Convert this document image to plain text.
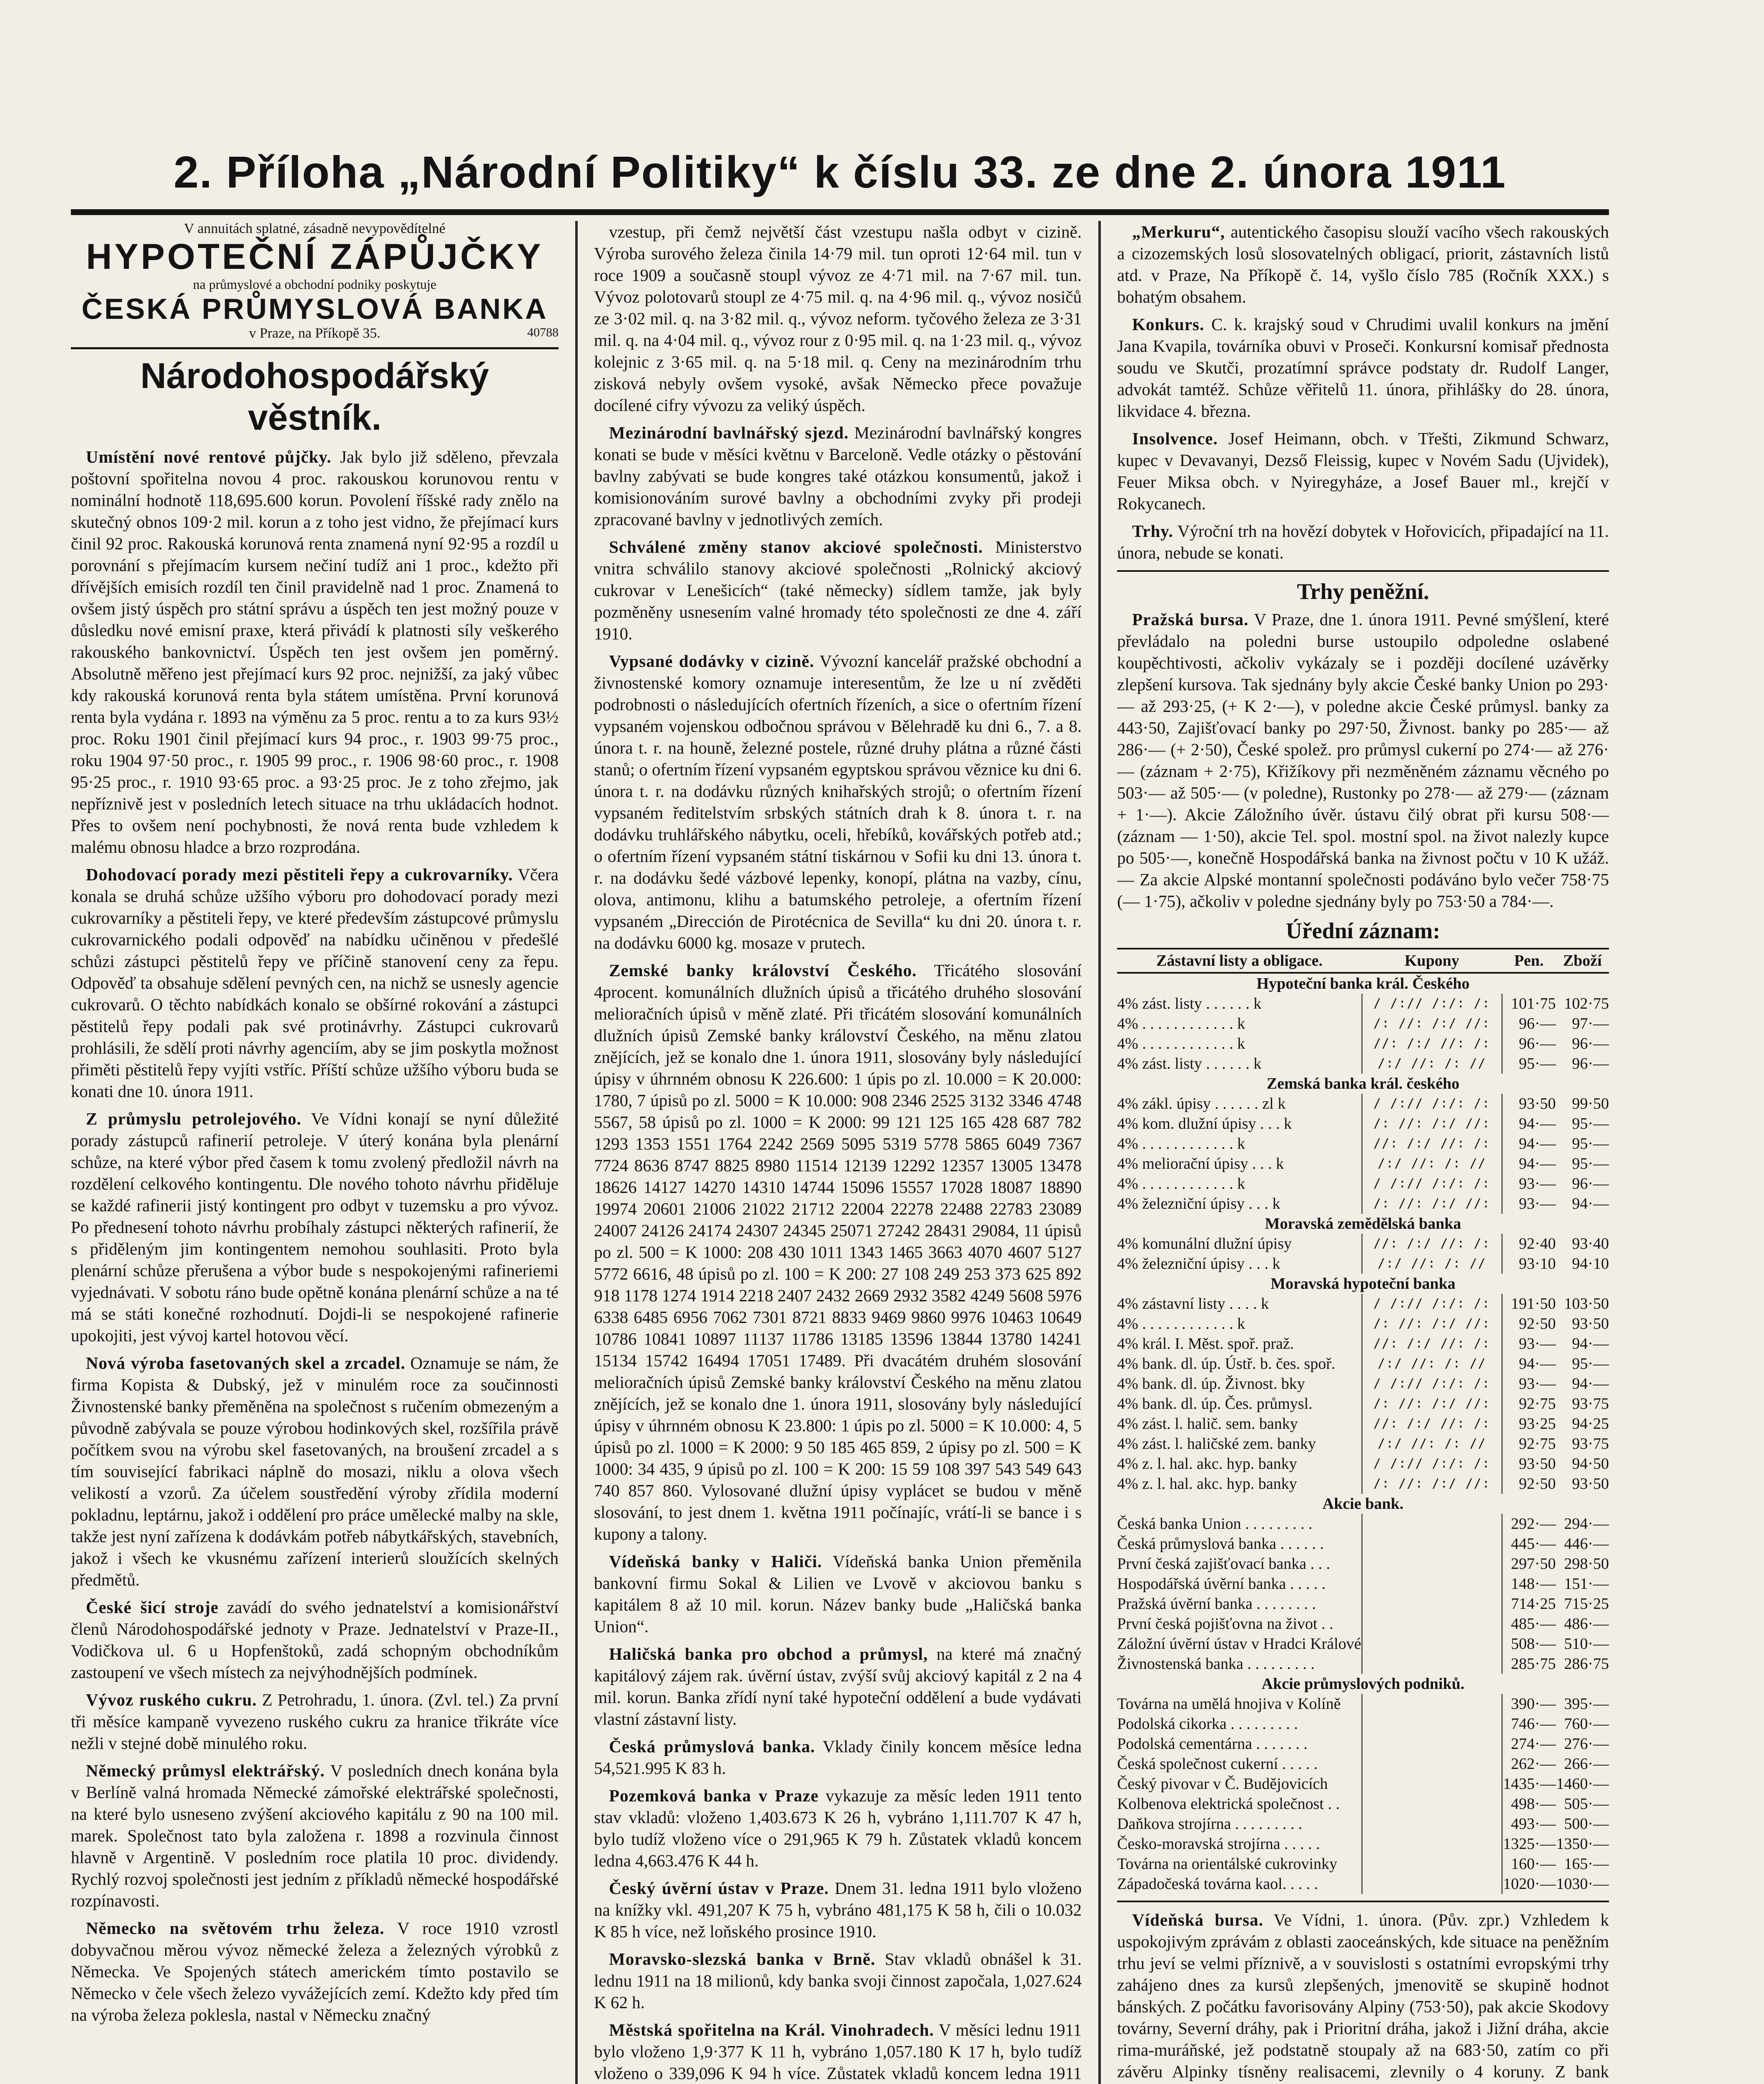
2. Příloha „Národní Politiky“ k číslu 33. ze dne 2. února 1911
V annuitách splatné, zásadně nevypovědítelné
HYPOTEČNÍ ZÁPŮJČKY
na průmyslové a obchodní podniky poskytuje
ČESKÁ PRŮMYSLOVÁ BANKA
v Praze, na Příkopě 35.	40788
Národohospodářský věstník.

Umístění nové rentové půjčky. Jak bylo již sděleno, převzala poštovní spořitelna novou 4 proc. rakouskou korunovou rentu v nominální hodnotě 118,695.600 korun. Povolení říšské rady znělo na skutečný obnos 109·2 mil. korun a z toho jest vidno, že přejímací kurs činil 92 proc. Rakouská korunová renta znamená nyní 92·95 a rozdíl u porovnání s přejímacím kursem nečiní tudíž ani 1 proc., kdežto při dřívějších emisích rozdíl ten činil pravidelně nad 1 proc. Znamená to ovšem jistý úspěch pro státní správu a úspěch ten jest možný pouze v důsledku nové emisní praxe, která přivádí k platnosti síly veškerého rakouského bankovnictví. Úspěch ten jest ovšem jen poměrný. Absolutně měřeno jest přejímací kurs 92 proc. nejnižší, za jaký vůbec kdy rakouská korunová renta byla státem umístěna. První korunová renta byla vydána r. 1893 na výměnu za 5 proc. rentu a to za kurs 93½ proc. Roku 1901 činil přejímací kurs 94 proc., r. 1903 99·75 proc., roku 1904 97·50 proc., r. 1905 99 proc., r. 1906 98·60 proc., r. 1908 95·25 proc., r. 1910 93·65 proc. a 93·25 proc. Je z toho zřejmo, jak nepříznivě jest v posledních letech situace na trhu ukládacích hodnot. Přes to ovšem není pochybnosti, že nová renta bude vzhledem k malému obnosu hladce a brzo rozprodána.

Dohodovací porady mezi pěstiteli řepy a cukrovarníky. Včera konala se druhá schůze užšího výboru pro dohodovací porady mezi cukrovarníky a pěstiteli řepy, ve které především zástupcové průmyslu cukrovarnického podali odpověď na nabídku učiněnou v předešlé schůzi zástupci pěstitelů řepy ve příčině stanovení ceny za řepu. Odpověď ta obsahuje sdělení pevných cen, na nichž se usnesly agencie cukrovarů. O těchto nabídkách konalo se obšírné rokování a zástupci pěstitelů řepy podali pak své protinávrhy. Zástupci cukrovarů prohlásili, že sdělí proti návrhy agenciím, aby se jim poskytla možnost přiměti pěstitelů řepy vyjíti vstříc. Příští schůze užšího výboru buda se konati dne 10. února 1911.

Z průmyslu petrolejového. Ve Vídni konají se nyní důležité porady zástupců rafinerií petroleje. V úterý konána byla plenární schůze, na které výbor před časem k tomu zvolený předložil návrh na rozdělení celkového kontingentu. Dle nového tohoto návrhu přiděluje se každé rafinerii jistý kontingent pro odbyt v tuzemsku a pro vývoz. Po přednesení tohoto návrhu probíhaly zástupci některých rafinerií, že s přiděleným jim kontingentem nemohou souhlasiti. Proto byla plenární schůze přerušena a výbor bude s nespokojenými rafineriemi vyjednávati. V sobotu ráno bude opětně konána plenární schůze a na té má se státi konečné rozhodnutí. Dojdi-li se nespokojené rafinerie upokojiti, jest vývoj kartel hotovou věcí.

Nová výroba fasetovaných skel a zrcadel. Oznamuje se nám, že firma Kopista & Dubský, jež v minulém roce za součinnosti Živnostenské banky přeměněna na společnost s ručením obmezeným a původně zabývala se pouze výrobou hodinkových skel, rozšířila právě počítkem svou na výrobu skel fasetovaných, na broušení zrcadel a s tím související fabrikaci náplně do mosazi, niklu a olova všech velikostí a vzorů. Za účelem soustředění výroby zřídila moderní pokladnu, leptárnu, jakož i oddělení pro práce umělecké malby na skle, takže jest nyní zařízena k dodávkám potřeb nábytkářských, stavebních, jakož i všech ke vkusnému zařízení interierů sloužících skelných předmětů.

České šicí stroje zavádí do svého jednatelství a komisionářství členů Národohospodářské jednoty v Praze. Jednatelství v Praze-II., Vodičkova ul. 6 u Hopfenštoků, zadá schopným obchodníkům zastoupení ve všech místech za nejvýhodnějších podmínek.

Vývoz ruského cukru. Z Petrohradu, 1. února. (Zvl. tel.) Za první tři měsíce kampaně vyvezeno ruského cukru za hranice třikráte více nežli v stejné době minulého roku.

Německý průmysl elektrářský. V posledních dnech konána byla v Berlíně valná hromada Německé zámořské elektrářské společnosti, na které bylo usneseno zvýšení akciového kapitálu z 90 na 100 mil. marek. Společnost tato byla založena r. 1898 a rozvinula činnost hlavně v Argentině. V posledním roce platila 10 proc. dividendy. Rychlý rozvoj společnosti jest jedním z příkladů německé hospodářské rozpínavosti.

Německo na světovém trhu železa. V roce 1910 vzrostl dobyvačnou měrou vývoz německé železa a železných výrobků z Německa. Ve Spojených státech americkém tímto postavilo se Německo v čele všech železo vyvážejících zemí. Kdežto kdy před tím na výroba železa poklesla, nastal v Německu značný

vzestup, při čemž největší část vzestupu našla odbyt v cizině. Výroba surového železa činila 14·79 mil. tun oproti 12·64 mil. tun v roce 1909 a současně stoupl vývoz ze 4·71 mil. na 7·67 mil. tun. Vývoz polotovarů stoupl ze 4·75 mil. q. na 4·96 mil. q., vývoz nosičů ze 3·02 mil. q. na 3·82 mil. q., vývoz neform. tyčového železa ze 3·31 mil. q. na 4·04 mil. q., vývoz rour z 0·95 mil. q. na 1·23 mil. q., vývoz kolejnic z 3·65 mil. q. na 5·18 mil. q. Ceny na mezinárodním trhu zisková nebyly ovšem vysoké, avšak Německo přece považuje docílené cifry vývozu za veliký úspěch.

Mezinárodní bavlnářský sjezd. Mezinárodní bavlnářský kongres konati se bude v měsíci květnu v Barceloně. Vedle otázky o pěstování bavlny zabývati se bude kongres také otázkou konsumentů, jakož i komisionováním surové bavlny a obchodními zvyky při prodeji zpracované bavlny v jednotlivých zemích.

Schválené změny stanov akciové společnosti. Ministerstvo vnitra schválilo stanovy akciové společnosti „Rolnický akciový cukrovar v Lenešicích“ (také německy) sídlem tamže, jak byly pozměněny usnesením valné hromady této společnosti ze dne 4. září 1910.

Vypsané dodávky v cizině. Vývozní kancelář pražské obchodní a živnostenské komory oznamuje interesentům, že lze u ní zvěděti podrobnosti o následujících ofertních řízeních, a sice o ofertním řízení vypsaném vojenskou odbočnou správou v Bělehradě ku dni 6., 7. a 8. února t. r. na houně, železné postele, různé druhy plátna a různé části stanů; o ofertním řízení vypsaném egyptskou správou věznice ku dni 6. února t. r. na dodávku různých knihařských strojů; o ofertním řízení vypsaném ředitelstvím srbských státních drah k 8. února t. r. na dodávku truhlářského nábytku, oceli, hřebíků, kovářských potřeb atd.; o ofertním řízení vypsaném státní tiskárnou v Sofii ku dni 13. února t. r. na dodávku šedé vázbové lepenky, konopí, plátna na vazby, cínu, olova, antimonu, klihu a batumského petroleje, a ofertním řízení vypsaném „Dirección de Pirotécnica de Sevilla“ ku dni 20. února t. r. na dodávku 6000 kg. mosaze v prutech.

Zemské banky království Českého. Třicátého slosování 4procent. komunálních dlužních úpisů a třicátého druhého slosování melioračních úpisů v měně zlaté. Při třicátém slosování komunálních dlužních úpisů Zemské banky království Českého, na měnu zlatou znějících, jež se konalo dne 1. února 1911, slosovány byly následující úpisy v úhrnném obnosu K 226.600: 1 úpis po zl. 10.000 = K 20.000: 1780, 7 úpisů po zl. 5000 = K 10.000: 908 2346 2525 3132 3346 4748 5567, 58 úpisů po zl. 1000 = K 2000: 99 121 125 165 428 687 782 1293 1353 1551 1764 2242 2569 5095 5319 5778 5865 6049 7367 7724 8636 8747 8825 8980 11514 12139 12292 12357 13005 13478 18626 14127 14270 14310 14744 15096 15557 17028 18087 18890 19974 20601 21006 21022 21712 22004 22278 22488 22783 23089 24007 24126 24174 24307 24345 25071 27242 28431 29084, 11 úpisů po zl. 500 = K 1000: 208 430 1011 1343 1465 3663 4070 4607 5127 5772 6616, 48 úpisů po zl. 100 = K 200: 27 108 249 253 373 625 892 918 1178 1274 1914 2218 2407 2432 2669 2932 3582 4249 5608 5976 6338 6485 6956 7062 7301 8721 8833 9469 9860 9976 10463 10649 10786 10841 10897 11137 11786 13185 13596 13844 13780 14241 15134 15742 16494 17051 17489. Při dvacátém druhém slosování melioračních úpisů Zemské banky království Českého na měnu zlatou znějících, jež se konalo dne 1. února 1911, slosovány byly následující úpisy v úhrnném obnosu K 23.800: 1 úpis po zl. 5000 = K 10.000: 4, 5 úpisů po zl. 1000 = K 2000: 9 50 185 465 859, 2 úpisy po zl. 500 = K 1000: 34 435, 9 úpisů po zl. 100 = K 200: 15 59 108 397 543 549 643 740 857 860. Vylosované dlužní úpisy vyplácet se budou v měně slosování, to jest dnem 1. května 1911 počínajíc, vrátí-li se bance i s kupony a talony.

Vídeňská banky v Haliči. Vídeňská banka Union přeměnila bankovní firmu Sokal & Lilien ve Lvově v akciovou banku s kapitálem 8 až 10 mil. korun. Název banky bude „Haličská banka Union“.

Haličská banka pro obchod a průmysl, na které má značný kapitálový zájem rak. úvěrní ústav, zvýší svůj akciový kapitál z 2 na 4 mil. korun. Banka zřídí nyní také hypoteční oddělení a bude vydávati vlastní zástavní listy.

Česká průmyslová banka. Vklady činily koncem měsíce ledna 54,521.995 K 83 h.

Pozemková banka v Praze vykazuje za měsíc leden 1911 tento stav vkladů: vloženo 1,403.673 K 26 h, vybráno 1,111.707 K 47 h, bylo tudíž vloženo více o 291,965 K 79 h. Zůstatek vkladů koncem ledna 4,663.476 K 44 h.

Český úvěrní ústav v Praze. Dnem 31. ledna 1911 bylo vloženo na knížky vkl. 491,207 K 75 h, vybráno 481,175 K 58 h, čili o 10.032 K 85 h více, než loňského prosince 1910.

Moravsko-slezská banka v Brně. Stav vkladů obnášel k 31. lednu 1911 na 18 milionů, kdy banka svoji činnost započala, 1,027.624 K 62 h.

Městská spořitelna na Král. Vinohradech. V měsíci lednu 1911 bylo vloženo 1,9·377 K 11 h, vybráno 1,057.180 K 17 h, bylo tudíž vloženo o 339,096 K 94 h více. Zůstatek vkladů koncem ledna 1911

„Merkuru“, autentického časopisu slouží vacího všech rakouských a cizozemských losů slosovatelných obligací, priorit, zástavních listů atd. v Praze, Na Příkopě č. 14, vyšlo číslo 785 (Ročník XXX.) s bohatým obsahem.

Konkurs. C. k. krajský soud v Chrudimi uvalil konkurs na jmění Jana Kvapila, továrníka obuvi v Proseči. Konkursní komisař přednosta soudu ve Skutči, prozatímní správce podstaty dr. Rudolf Langer, advokát tamtéž. Schůze věřitelů 11. února, přihlášky do 28. února, likvidace 4. března.

Insolvence. Josef Heimann, obch. v Třešti, Zikmund Schwarz, kupec v Devavanyi, Dezső Fleissig, kupec v Novém Sadu (Ujvidek), Feuer Miksa obch. v Nyiregyháze, a Josef Bauer ml., krejčí v Rokycanech.

Trhy. Výroční trh na hovězí dobytek v Hořovicích, připadající na 11. února, nebude se konati.

Trhy peněžní.

Pražská bursa. V Praze, dne 1. února 1911. Pevné smýšlení, které převládalo na poledni burse ustoupilo odpoledne oslabené koupěchtivosti, ačkoliv vykázaly se i později docílené uzávěrky zlepšení kursova. Tak sjednány byly akcie České banky Union po 293·— až 293·25, (+ K 2·—), v poledne akcie České průmysl. banky za 443·50, Zajišťovací banky po 297·50, Živnost. banky po 285·— až 286·— (+ 2·50), České spolež. pro průmysl cukerní po 274·— až 276·— (záznam + 2·75), Křižíkovy při nezměněném záznamu věcného po 503·— až 505·— (v poledne), Rustonky po 278·— až 279·— (záznam + 1·—). Akcie Záložního úvěr. ústavu čilý obrat při kursu 508·— (záznam — 1·50), akcie Tel. spol. mostní spol. na život nalezly kupce po 505·—, konečně Hospodářská banka na živnost počtu v 10 K užáž. — Za akcie Alpské montanní společnosti podáváno bylo večer 758·75 (— 1·75), ačkoliv v poledne sjednány byly po 753·50 a 784·—.

Úřední záznam:
Zástavní listy a obligace.	Kupony	Pen.	Zboží
Hypoteční banka král. Českého			
4% zást. listy . . . . . . k	/ /:// /:/: /:	101·75	102·75
4% . . . . . . . . . . . . k	/: //: /:/ //:	96·—	97·—
4% . . . . . . . . . . . . k	//: /:/ //: /:	96·—	96·—
4% zást. listy . . . . . . k	/:/ //: /: //	95·—	96·—
Zemská banka král. českého			
4% zákl. úpisy . . . . . . zl k	/ /:// /:/: /:	93·50	99·50
4% kom. dlužní úpisy . . . k	/: //: /:/ //:	94·—	95·—
4% . . . . . . . . . . . . k	//: /:/ //: /:	94·—	95·—
4% meliorační úpisy . . . k	/:/ //: /: //	94·—	95·—
4% . . . . . . . . . . . . k	/ /:// /:/: /:	93·—	96·—
4% železniční úpisy . . . k	/: //: /:/ //:	93·—	94·—
Moravská zemědělská banka			
4% komunální dlužní úpisy	//: /:/ //: /:	92·40	93·40
4% železniční úpisy . . . k	/:/ //: /: //	93·10	94·10
Moravská hypoteční banka			
4% zástavní listy . . . . k	/ /:// /:/: /:	191·50	103·50
4% . . . . . . . . . . . . k	/: //: /:/ //:	92·50	93·50
4% král. I. Měst. spoř. praž.	//: /:/ //: /:	93·—	94·—
4% bank. dl. úp. Ústř. b. čes. spoř.	/:/ //: /: //	94·—	95·—
4% bank. dl. úp. Živnost. bky	/ /:// /:/: /:	93·—	94·—
4% bank. dl. úp. Čes. průmysl.	/: //: /:/ //:	92·75	93·75
4% zást. l. halič. sem. banky	//: /:/ //: /:	93·25	94·25
4% zást. l. haličské zem. banky	/:/ //: /: //	92·75	93·75
4% z. l. hal. akc. hyp. banky	/ /:// /:/: /:	93·50	94·50
4% z. l. hal. akc. hyp. banky	/: //: /:/ //:	92·50	93·50
Akcie bank.			
Česká banka Union . . . . . . . . .		292·—	294·—
Česká průmyslová banka . . . . . .		445·—	446·—
První česká zajišťovací banka . . .		297·50	298·50
Hospodářská úvěrní banka . . . . .		148·—	151·—
Pražská úvěrní banka . . . . . . . .		714·25	715·25
První česká pojišťovna na život . .		485·—	486·—
Záložní úvěrní ústav v Hradci Králové		508·—	510·—
Živnostenská banka . . . . . . . . .		285·75	286·75
Akcie průmyslových podniků.			
Továrna na umělá hnojiva v Kolíně		390·—	395·—
Podolská cikorka . . . . . . . . .		746·—	760·—
Podolská cementárna . . . . . . .		274·—	276·—
Česká společnost cukerní . . . . .		262·—	266·—
Český pivovar v Č. Budějovicích		1435·—	1460·—
Kolbenova elektrická společnost . .		498·—	505·—
Daňkova strojírna . . . . . . . . .		493·—	500·—
Česko-moravská strojírna . . . . .		1325·—	1350·—
Továrna na orientálské cukrovinky		160·—	165·—
Západočeská továrna kaol. . . . .		1020·—	1030·—

Vídeňská bursa. Ve Vídni, 1. února. (Pův. zpr.) Vzhledem k uspokojivým zprávám z oblasti zaoceánských, kde situace na peněžním trhu jeví se velmi příznivě, a v souvislosti s ostatními evropskými trhy zahájeno dnes za kursů zlepšených, jmenovitě se skupině hodnot bánských. Z počátku favorisovány Alpiny (753·50), pak akcie Skodovy továrny, Severní dráhy, pak i Prioritní dráha, jakož i Jižní dráha, akcie rima-muráňské, jež podstatně stoupaly až na 683·50, zatím co při závěru Alpinky tísněny realisacemi, zlevnily o 4 koruny. Z bank
